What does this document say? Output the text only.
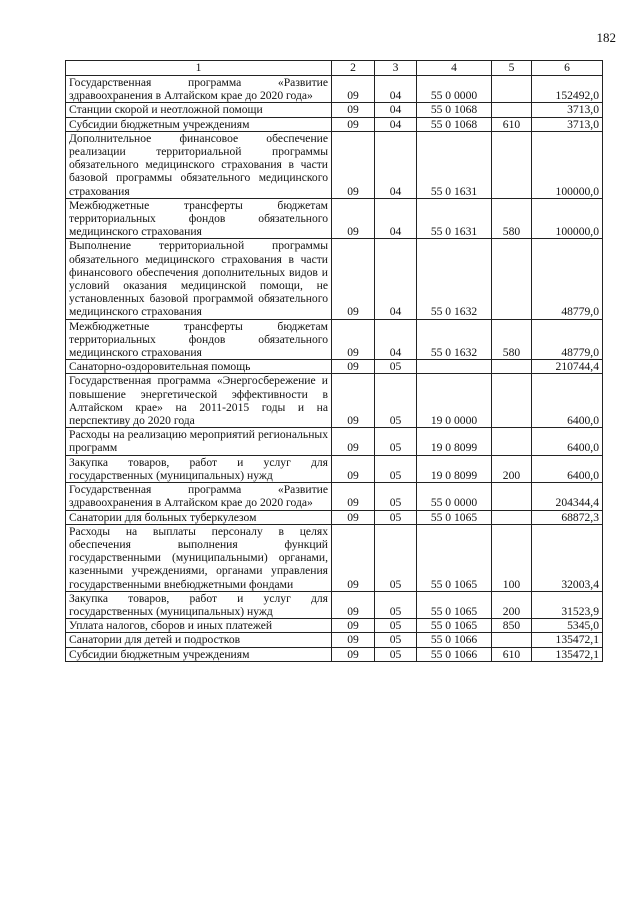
182
1	2	3	4	5	6
Государственная программа «Развитие здравоохранения в Алтайском крае до 2020 года»	09	04	55 0 0000		152492,0
Станции скорой и неотложной помощи	09	04	55 0 1068		3713,0
Субсидии бюджетным учреждениям	09	04	55 0 1068	610	3713,0
Дополнительное финансовое обеспечение реализации территориальной программы обязательного медицинского страхования в части базовой программы обязательного медицинского страхования	09	04	55 0 1631		100000,0
Межбюджетные трансферты бюджетам территориальных фондов обязательного медицинского страхования	09	04	55 0 1631	580	100000,0
Выполнение территориальной программы обязательного медицинского страхования в части финансового обеспечения дополнительных видов и условий оказания медицинской помощи, не установленных базовой программой обязательного медицинского страхования	09	04	55 0 1632		48779,0
Межбюджетные трансферты бюджетам территориальных фондов обязательного медицинского страхования	09	04	55 0 1632	580	48779,0
Санаторно-оздоровительная помощь	09	05			210744,4
Государственная программа «Энергосбережение и повышение энергетической эффективности в Алтайском крае» на 2011-2015 годы и на перспективу до 2020 года	09	05	19 0 0000		6400,0
Расходы на реализацию мероприятий региональных программ	09	05	19 0 8099		6400,0
Закупка товаров, работ и услуг для государственных (муниципальных) нужд	09	05	19 0 8099	200	6400,0
Государственная программа «Развитие здравоохранения в Алтайском крае до 2020 года»	09	05	55 0 0000		204344,4
Санатории для больных туберкулезом	09	05	55 0 1065		68872,3
Расходы на выплаты персоналу в целях обеспечения выполнения функций государственными (муниципальными) органами, казенными учреждениями, органами управления государственными внебюджетными фондами	09	05	55 0 1065	100	32003,4
Закупка товаров, работ и услуг для государственных (муниципальных) нужд	09	05	55 0 1065	200	31523,9
Уплата налогов, сборов и иных платежей	09	05	55 0 1065	850	5345,0
Санатории для детей и подростков	09	05	55 0 1066		135472,1
Субсидии бюджетным учреждениям	09	05	55 0 1066	610	135472,1
